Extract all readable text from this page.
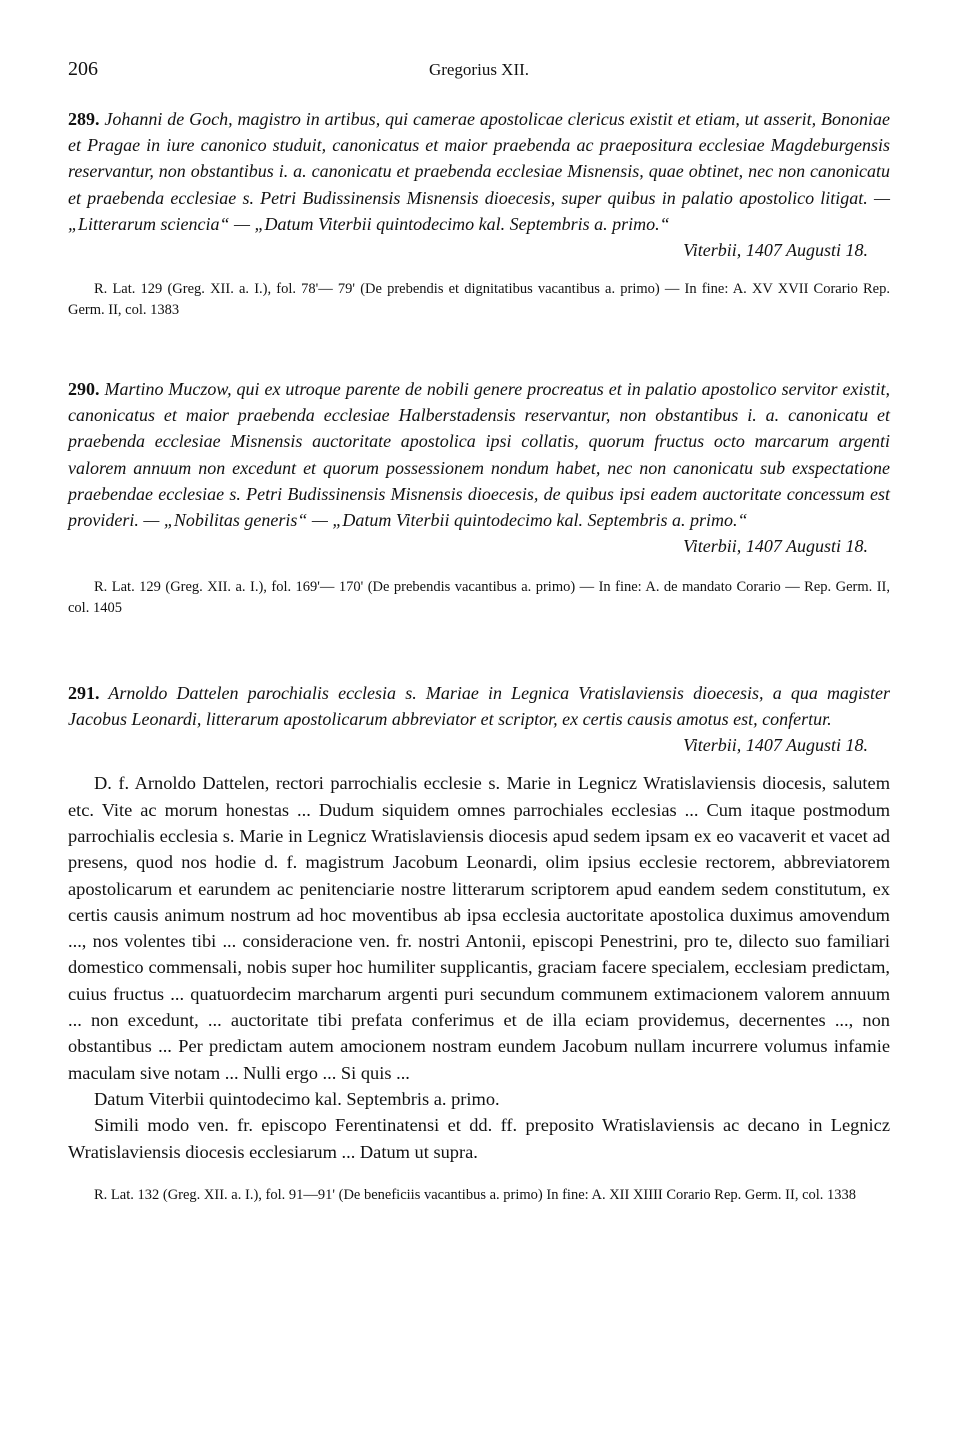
206	Gregorius XII.

289. Johanni de Goch, magistro in artibus, qui camerae apostolicae clericus existit et etiam, ut asserit, Bononiae et Pragae in iure canonico studuit, canonicatus et maior praebenda ac praepositura ecclesiae Magdeburgensis reservantur, non obstantibus i. a. canonicatu et praebenda ecclesiae Misnensis, quae obtinet, nec non canonicatu et praebenda ecclesiae s. Petri Budissinensis Misnensis dioecesis, super quibus in palatio apostolico litigat. — „Litterarum sciencia“ — „Datum Viterbii quintodecimo kal. Septembris a. primo.“

Viterbii, 1407 Augusti 18.

R. Lat. 129 (Greg. XII. a. I.), fol. 78'— 79' (De prebendis et dignitatibus vacantibus a. primo) — In fine: A. XV XVII Corario Rep. Germ. II, col. 1383

290. Martino Muczow, qui ex utroque parente de nobili genere procreatus et in palatio apostolico servitor existit, canonicatus et maior praebenda ecclesiae Halberstadensis reservantur, non obstantibus i. a. canonicatu et praebenda ecclesiae Misnensis auctoritate apostolica ipsi collatis, quorum fructus octo marcarum argenti valorem annuum non excedunt et quorum possessionem nondum habet, nec non canonicatu sub exspectatione praebendae ecclesiae s. Petri Budissinensis Misnensis dioecesis, de quibus ipsi eadem auctoritate concessum est provideri. — „Nobilitas generis“ — „Datum Viterbii quintodecimo kal. Septembris a. primo.“

Viterbii, 1407 Augusti 18.

R. Lat. 129 (Greg. XII. a. I.), fol. 169'— 170' (De prebendis vacantibus a. primo) — In fine: A. de mandato Corario — Rep. Germ. II, col. 1405

291. Arnoldo Dattelen parochialis ecclesia s. Mariae in Legnica Vratislaviensis dioecesis, a qua magister Jacobus Leonardi, litterarum apostolicarum abbreviator et scriptor, ex certis causis amotus est, confertur.

Viterbii, 1407 Augusti 18.

D. f. Arnoldo Dattelen, rectori parrochialis ecclesie s. Marie in Legnicz Wratislaviensis diocesis, salutem etc. Vite ac morum honestas ... Dudum siquidem omnes parrochiales ecclesias ... Cum itaque postmodum parrochialis ecclesia s. Marie in Legnicz Wratislaviensis diocesis apud sedem ipsam ex eo vacaverit et vacet ad presens, quod nos hodie d. f. magistrum Jacobum Leonardi, olim ipsius ecclesie rectorem, abbreviatorem apostolicarum et earundem ac penitenciarie nostre litterarum scriptorem apud eandem sedem constitutum, ex certis causis animum nostrum ad hoc moventibus ab ipsa ecclesia auctoritate apostolica duximus amovendum ..., nos volentes tibi ... consideracione ven. fr. nostri Antonii, episcopi Penestrini, pro te, dilecto suo familiari domestico commensali, nobis super hoc humiliter supplicantis, graciam facere specialem, ecclesiam predictam, cuius fructus ... quatuordecim marcharum argenti puri secundum communem extimacionem valorem annuum ... non excedunt, ... auctoritate tibi prefata conferimus et de illa eciam providemus, decernentes ..., non obstantibus ... Per predictam autem amocionem nostram eundem Jacobum nullam incurrere volumus infamie maculam sive notam ... Nulli ergo ... Si quis ...

Datum Viterbii quintodecimo kal. Septembris a. primo.

Simili modo ven. fr. episcopo Ferentinatensi et dd. ff. preposito Wratislaviensis ac decano in Legnicz Wratislaviensis diocesis ecclesiarum ... Datum ut supra.

R. Lat. 132 (Greg. XII. a. I.), fol. 91—91' (De beneficiis vacantibus a. primo) In fine: A. XII XIIII Corario Rep. Germ. II, col. 1338
